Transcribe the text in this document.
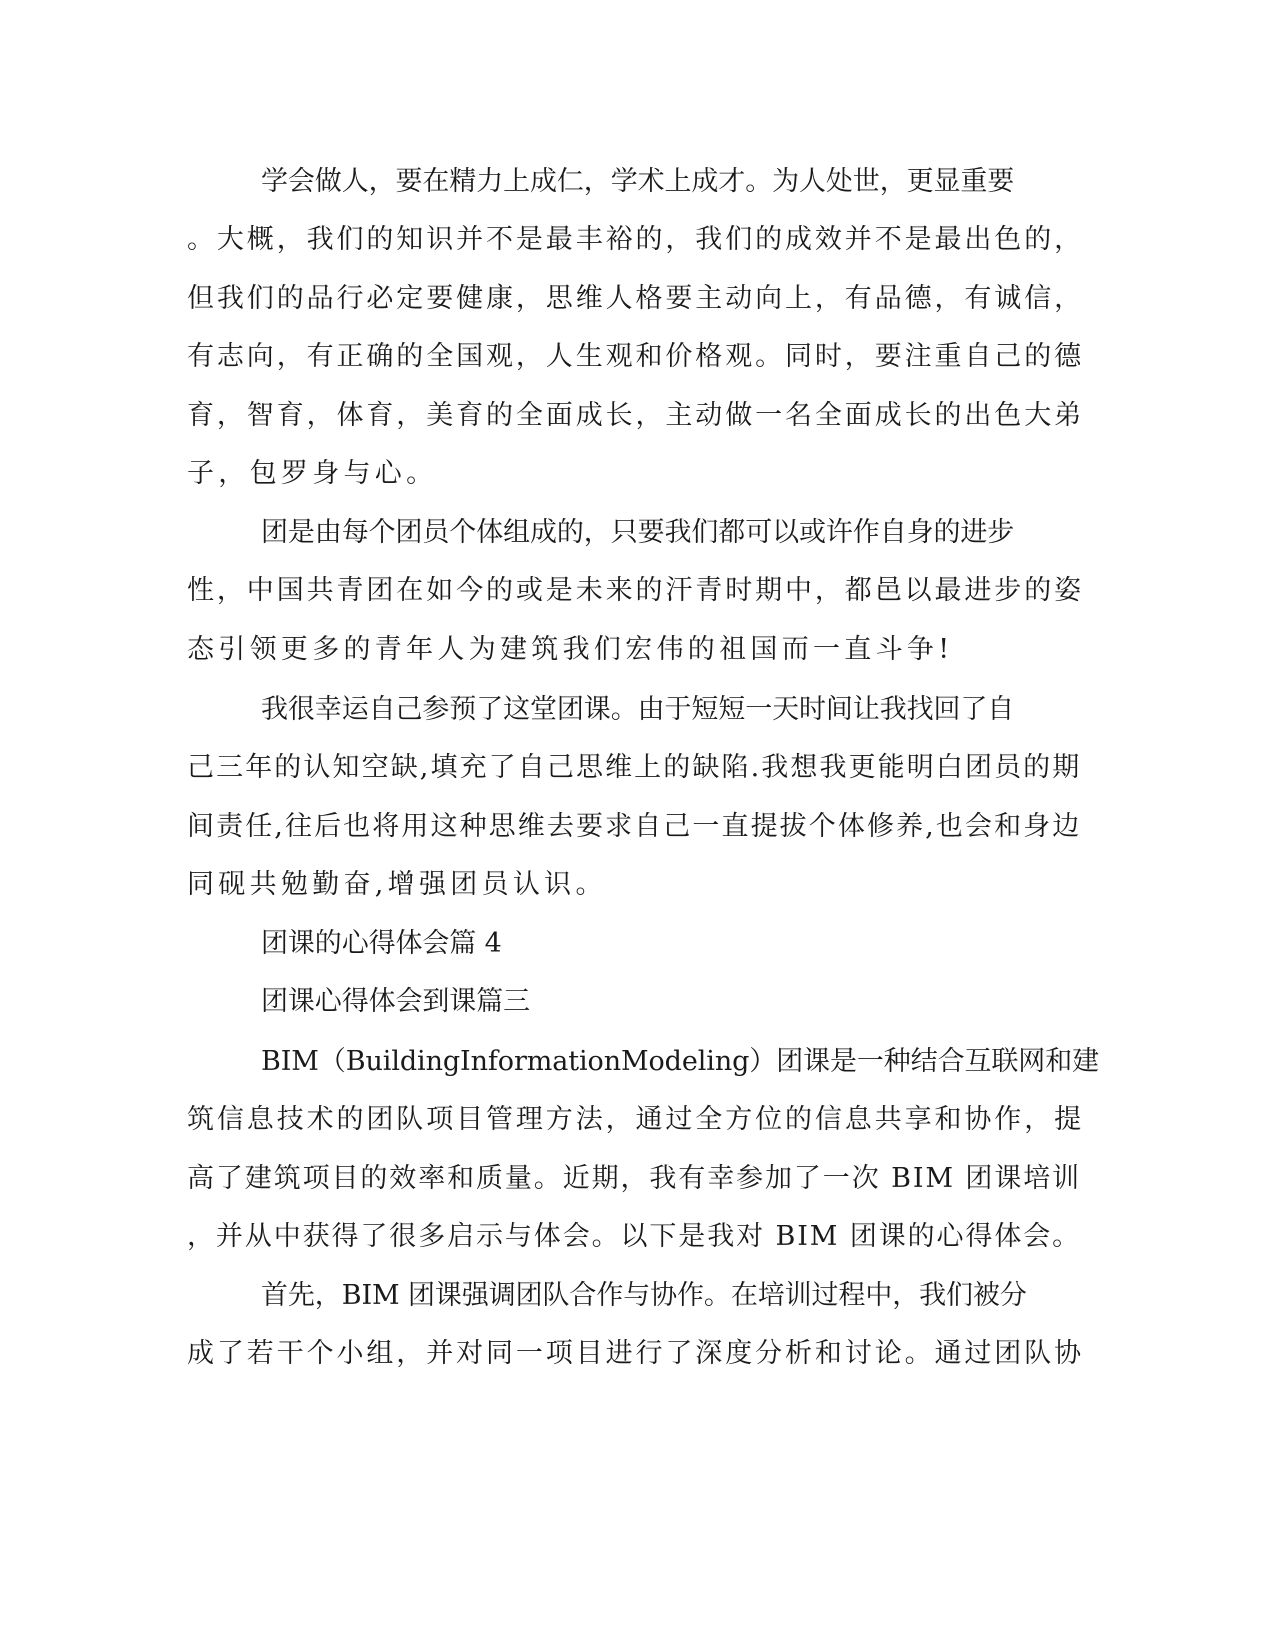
学会做人，要在精力上成仁，学术上成才。为人处世，更显重要
。大概，我们的知识并不是最丰裕的，我们的成效并不是最出色的，
但我们的品行必定要健康，思维人格要主动向上，有品德，有诚信，
有志向，有正确的全国观，人生观和价格观。同时，要注重自己的德
育，智育，体育，美育的全面成长，主动做一名全面成长的出色大弟
子，包罗身与心。
团是由每个团员个体组成的，只要我们都可以或许作自身的进步
性，中国共青团在如今的或是未来的汗青时期中，都邑以最进步的姿
态引领更多的青年人为建筑我们宏伟的祖国而一直斗争!
我很幸运自己参预了这堂团课。由于短短一天时间让我找回了自
己三年的认知空缺,填充了自己思维上的缺陷.我想我更能明白团员的期
间责任,往后也将用这种思维去要求自己一直提拔个体修养,也会和身边
同砚共勉勤奋,增强团员认识。
团课的心得体会篇 4
团课心得体会到课篇三
BIM（BuildingInformationModeling）团课是一种结合互联网和建
筑信息技术的团队项目管理方法，通过全方位的信息共享和协作，提
高了建筑项目的效率和质量。近期，我有幸参加了一次 BIM 团课培训
，并从中获得了很多启示与体会。以下是我对 BIM 团课的心得体会。
首先，BIM 团课强调团队合作与协作。在培训过程中，我们被分
成了若干个小组，并对同一项目进行了深度分析和讨论。通过团队协
